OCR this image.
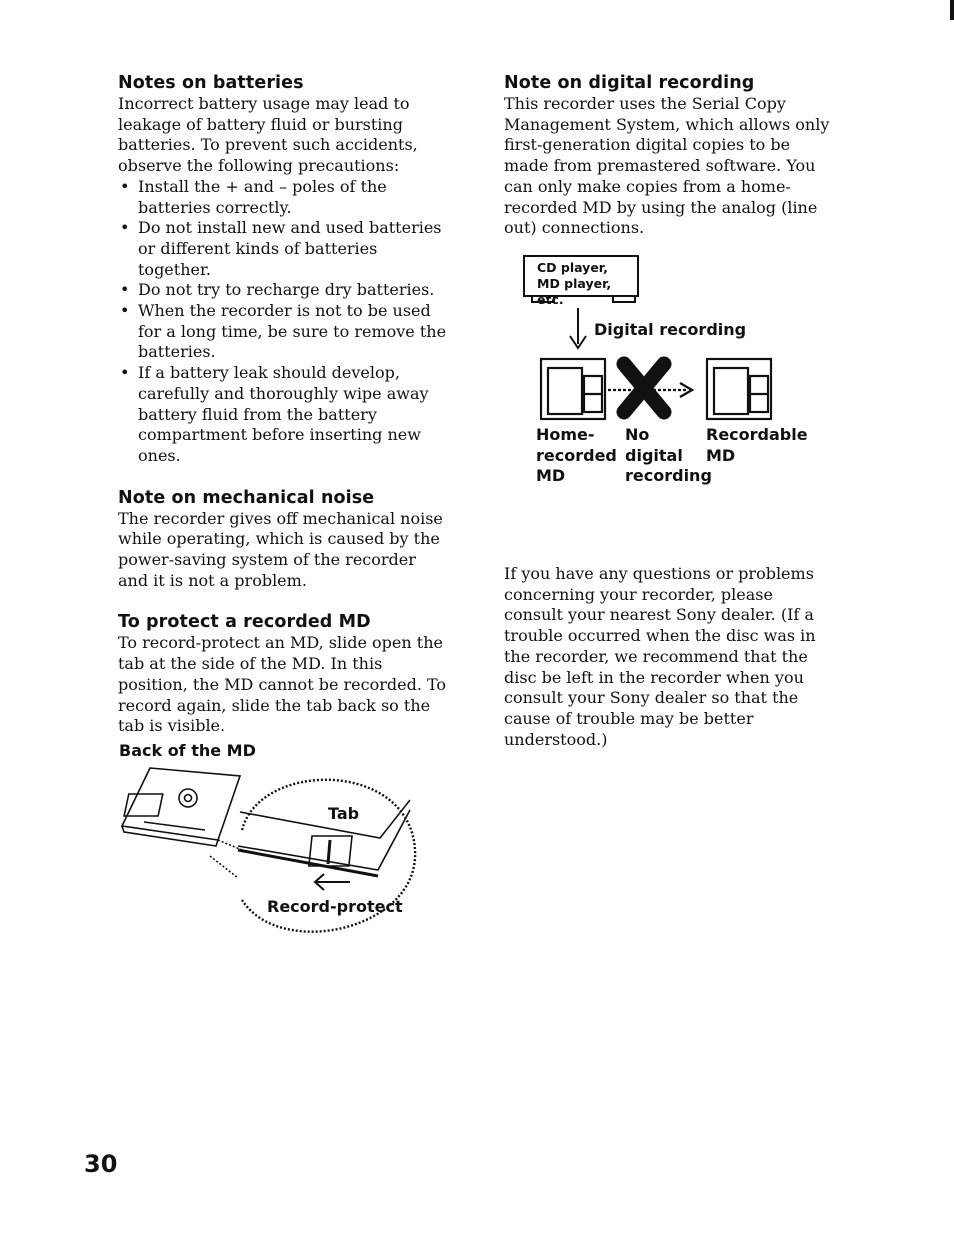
Notes on batteries

Incorrect battery usage may lead to leakage of battery fluid or bursting batteries. To prevent such accidents, observe the following precautions:

• Install the + and – poles of the batteries correctly.
• Do not install new and used batteries or different kinds of batteries together.
• Do not try to recharge dry batteries.
• When the recorder is not to be used for a long time, be sure to remove the batteries.
• If a battery leak should develop, carefully and thoroughly wipe away battery fluid from the battery compartment before inserting new ones.
Note on mechanical noise

The recorder gives off mechanical noise while operating, which is caused by the power-saving system of the recorder and it is not a problem.

To protect a recorded MD

To record-protect an MD, slide open the tab at the side of the MD. In this position, the MD cannot be recorded. To record again, slide the tab back so the tab is visible.

Back of the MD
Tab
Record-protect
Note on digital recording

This recorder uses the Serial Copy Management System, which allows only first-generation digital copies to be made from premastered software. You can only make copies from a home-recorded MD by using the analog (line out) connections.

CD player, MD player, etc.
Digital recording
Home-
recorded
MD
No
digital
recording
Recordable
MD

If you have any questions or problems concerning your recorder, please consult your nearest Sony dealer. (If a trouble occurred when the disc was in the recorder, we recommend that the disc be left in the recorder when you consult your Sony dealer so that the cause of trouble may be better understood.)

30
